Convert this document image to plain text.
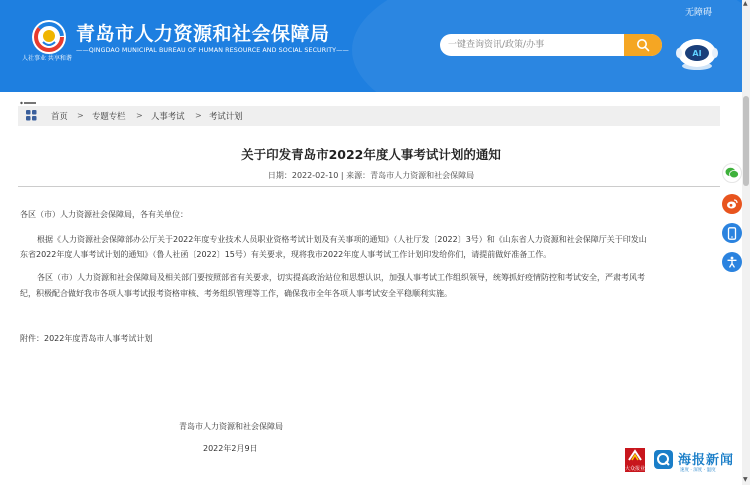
无障碍
人社事业 共享和谐
青岛市人力资源和社会保障局
——QINGDAO MUNICIPAL BUREAU OF HUMAN RESOURCE AND SOCIAL SECURITY——
一键查询资讯/政策/办事	AI
首页 > 专题专栏 > 人事考试 > 考试计划
关于印发青岛市2022年度人事考试计划的通知
日期：2022-02-10 | 来源：青岛市人力资源和社会保障局
各区（市）人力资源社会保障局，各有关单位：
根据《人力资源社会保障部办公厅关于2022年度专业技术人员职业资格考试计划及有关事项的通知》（人社厅发〔2022〕3号）和《山东省人力资源和社会保障厅关于印发山
东省2022年度人事考试计划的通知》（鲁人社函〔2022〕15号）有关要求，现将我市2022年度人事考试工作计划印发给你们，请提前做好准备工作。
各区（市）人力资源和社会保障局及相关部门要按照部省有关要求，切实提高政治站位和思想认识，加强人事考试工作组织领导，统筹抓好疫情防控和考试安全，严肃考风考
纪，积极配合做好我市各项人事考试报考资格审核、考务组织管理等工作，确保我市全年各项人事考试安全平稳顺利实施。
附件：2022年度青岛市人事考试计划
青岛市人力资源和社会保障局
2022年2月9日
▲
▼
大众报业
海报新闻
速度 · 深度 · 温度
